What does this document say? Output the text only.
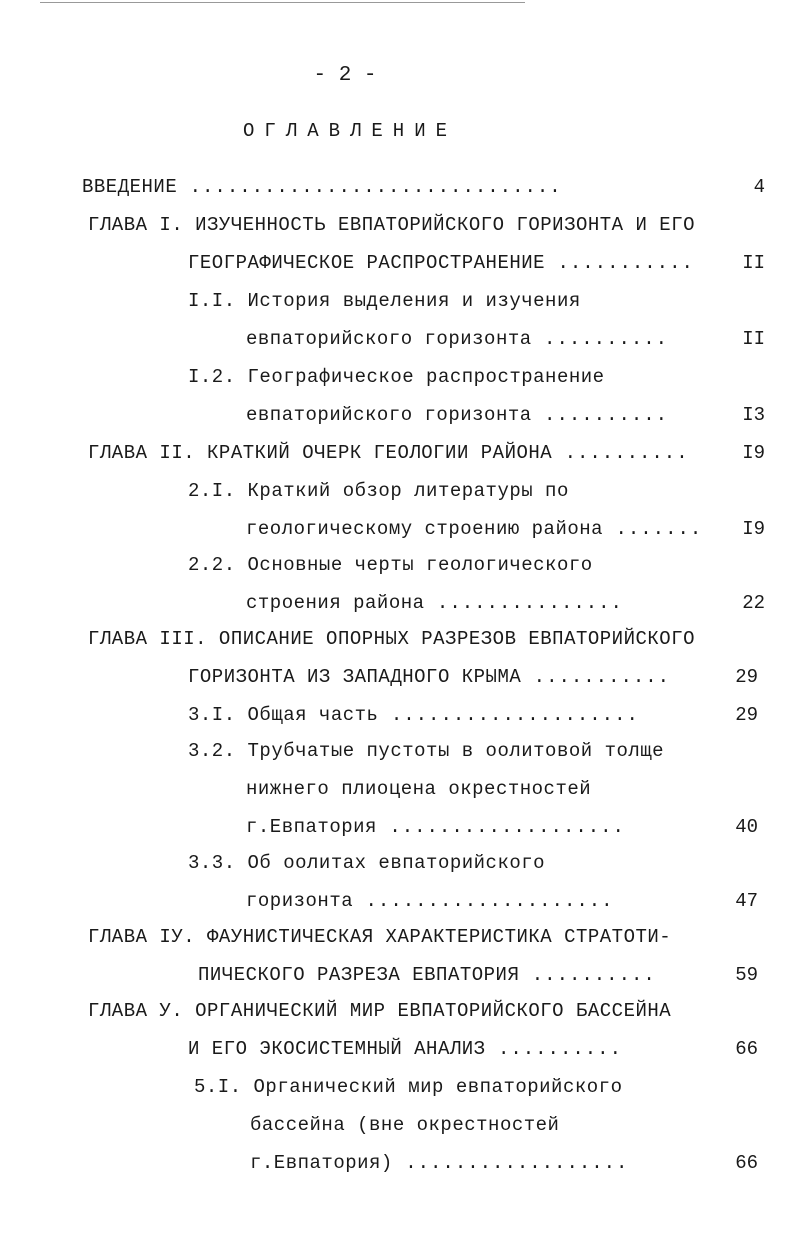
- 2 -
ОГЛАВЛЕНИЕ
ВВЕДЕНИЕ ..............................	4
ГЛАВА I. ИЗУЧЕННОСТЬ ЕВПАТОРИЙСКОГО ГОРИЗОНТА И ЕГО
ГЕОГРАФИЧЕСКОЕ РАСПРОСТРАНЕНИЕ ...........	II
I.I. История выделения и изучения
евпаторийского горизонта ..........	II
I.2. Географическое распространение
евпаторийского горизонта ..........	I3
ГЛАВА II. КРАТКИЙ ОЧЕРК ГЕОЛОГИИ РАЙОНА ..........	I9
2.I. Краткий обзор литературы по
геологическому строению района .......	I9
2.2. Основные черты геологического
строения района ...............	22
ГЛАВА III. ОПИСАНИЕ ОПОРНЫХ РАЗРЕЗОВ ЕВПАТОРИЙСКОГО
ГОРИЗОНТА ИЗ ЗАПАДНОГО КРЫМА ...........	29
3.I. Общая часть ....................	29
3.2. Трубчатые пустоты в оолитовой толще
нижнего плиоцена окрестностей
г.Евпатория ...................	40
3.3. Об оолитах евпаторийского
горизонта ....................	47
ГЛАВА IУ. ФАУНИСТИЧЕСКАЯ ХАРАКТЕРИСТИКА СТРАТОТИ-
ПИЧЕСКОГО РАЗРЕЗА ЕВПАТОРИЯ ..........	59
ГЛАВА У. ОРГАНИЧЕСКИЙ МИР ЕВПАТОРИЙСКОГО БАССЕЙНА
И ЕГО ЭКОСИСТЕМНЫЙ АНАЛИЗ ..........	66
5.I. Органический мир евпаторийского
бассейна (вне окрестностей
г.Евпатория) ..................	66
